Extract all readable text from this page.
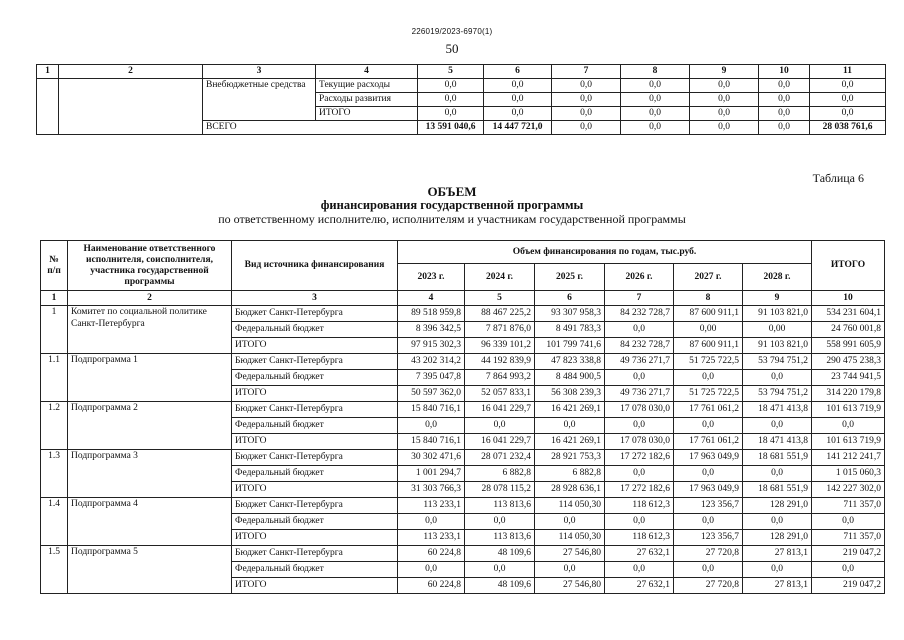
226019/2023-6970(1)
50
1	2	3	4	5	6	7	8	9	10	11
		Внебюджетные средства	Текущие расходы	0,0	0,0	0,0	0,0	0,0	0,0	0,0
			Расходы развития	0,0	0,0	0,0	0,0	0,0	0,0	0,0
			ИТОГО	0,0	0,0	0,0	0,0	0,0	0,0	0,0
		ВСЕГО		13 591 040,6	14 447 721,0	0,0	0,0	0,0	0,0	28 038 761,6
Таблица 6
ОБЪЕМ
финансирования государственной программы
по ответственному исполнителю, исполнителям и участникам государственной программы
№ п/п	Наименование ответственного исполнителя, соисполнителя, участника государственной программы	Вид источника финансирования	Объем финансирования по годам, тыс.руб.						ИТОГО
			2023 г.	2024 г.	2025 г.	2026 г.	2027 г.	2028 г.	
1	2	3	4	5	6	7	8	9	10
1	Комитет по социальной политике Санкт-Петербурга	Бюджет Санкт-Петербурга	89 518 959,8	88 467 225,2	93 307 958,3	84 232 728,7	87 600 911,1	91 103 821,0	534 231 604,1
		Федеральный бюджет	8 396 342,5	7 871 876,0	8 491 783,3	0,0	0,00	0,00	24 760 001,8
		ИТОГО	97 915 302,3	96 339 101,2	101 799 741,6	84 232 728,7	87 600 911,1	91 103 821,0	558 991 605,9
1.1	Подпрограмма 1	Бюджет Санкт-Петербурга	43 202 314,2	44 192 839,9	47 823 338,8	49 736 271,7	51 725 722,5	53 794 751,2	290 475 238,3
		Федеральный бюджет	7 395 047,8	7 864 993,2	8 484 900,5	0,0	0,0	0,0	23 744 941,5
		ИТОГО	50 597 362,0	52 057 833,1	56 308 239,3	49 736 271,7	51 725 722,5	53 794 751,2	314 220 179,8
1.2	Подпрограмма 2	Бюджет Санкт-Петербурга	15 840 716,1	16 041 229,7	16 421 269,1	17 078 030,0	17 761 061,2	18 471 413,8	101 613 719,9
		Федеральный бюджет	0,0	0,0	0,0	0,0	0,0	0,0	0,0
		ИТОГО	15 840 716,1	16 041 229,7	16 421 269,1	17 078 030,0	17 761 061,2	18 471 413,8	101 613 719,9
1.3	Подпрограмма 3	Бюджет Санкт-Петербурга	30 302 471,6	28 071 232,4	28 921 753,3	17 272 182,6	17 963 049,9	18 681 551,9	141 212 241,7
		Федеральный бюджет	1 001 294,7	6 882,8	6 882,8	0,0	0,0	0,0	1 015 060,3
		ИТОГО	31 303 766,3	28 078 115,2	28 928 636,1	17 272 182,6	17 963 049,9	18 681 551,9	142 227 302,0
1.4	Подпрограмма 4	Бюджет Санкт-Петербурга	113 233,1	113 813,6	114 050,30	118 612,3	123 356,7	128 291,0	711 357,0
		Федеральный бюджет	0,0	0,0	0,0	0,0	0,0	0,0	0,0
		ИТОГО	113 233,1	113 813,6	114 050,30	118 612,3	123 356,7	128 291,0	711 357,0
1.5	Подпрограмма 5	Бюджет Санкт-Петербурга	60 224,8	48 109,6	27 546,80	27 632,1	27 720,8	27 813,1	219 047,2
		Федеральный бюджет	0,0	0,0	0,0	0,0	0,0	0,0	0,0
		ИТОГО	60 224,8	48 109,6	27 546,80	27 632,1	27 720,8	27 813,1	219 047,2
